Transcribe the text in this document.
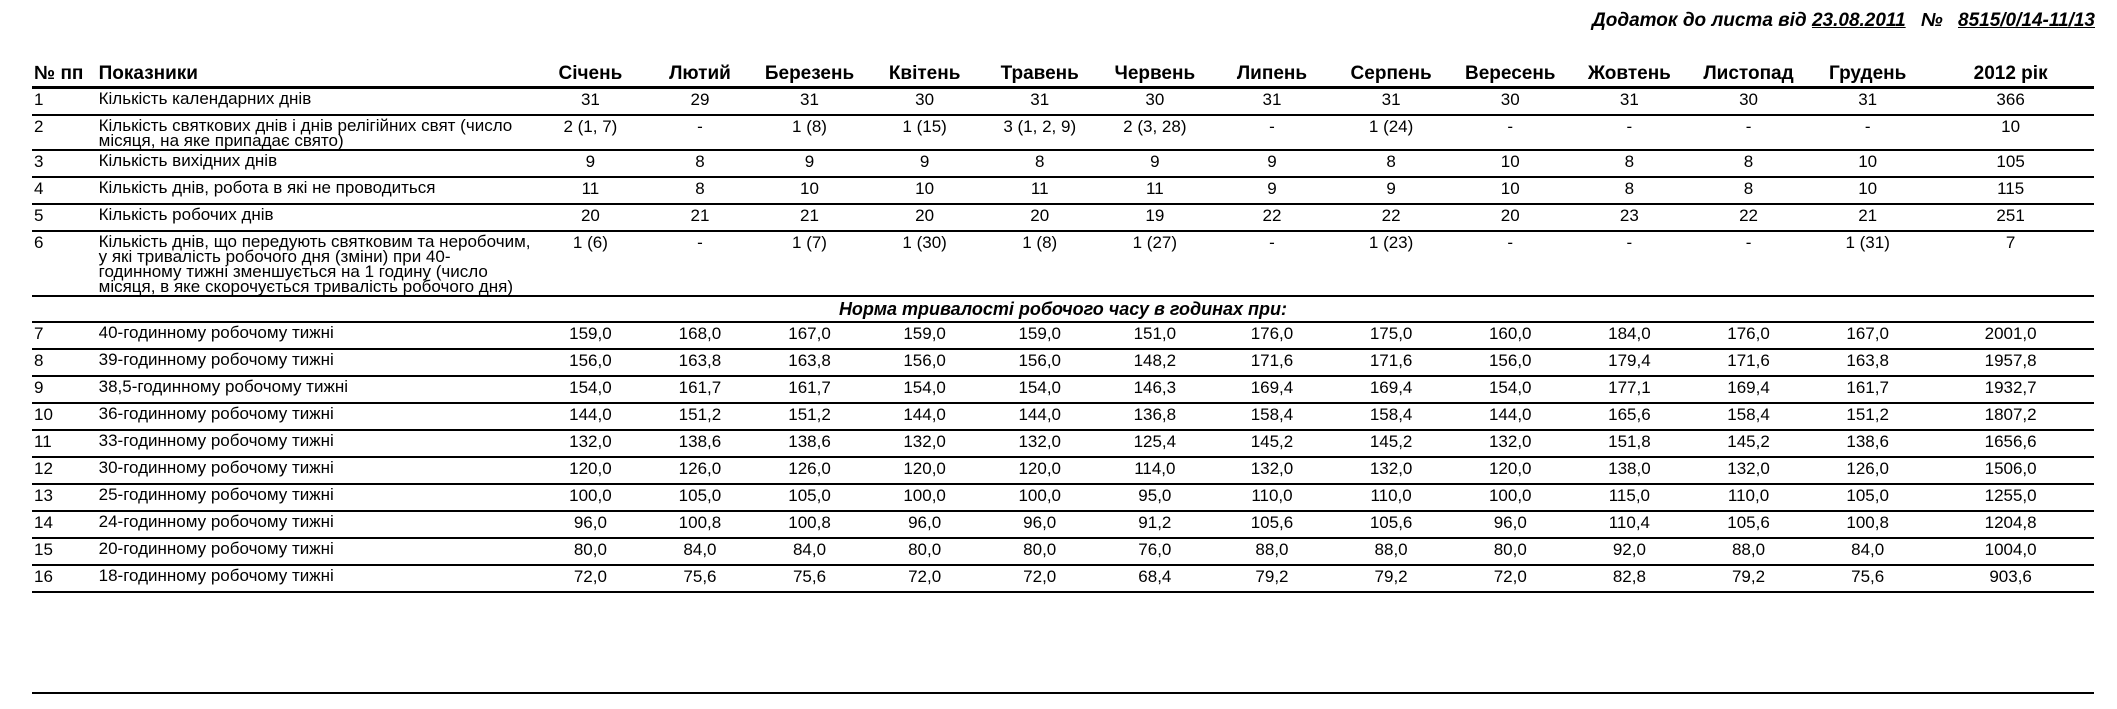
Додаток до листа від 23.08.2011 № 8515/0/14-11/13
№ пп	Показники	Січень	Лютий	Березень	Квітень	Травень	Червень	Липень	Серпень	Вересень	Жовтень	Листопад	Грудень	2012 рік
1	Кількість календарних днів	31	29	31	30	31	30	31	31	30	31	30	31	366
2	Кількість святкових днів і днів релігійних свят (число місяця, на яке припадає свято)	2 (1, 7)	-	1 (8)	1 (15)	3 (1, 2, 9)	2 (3, 28)	-	1 (24)	-	-	-	-	10
3	Кількість вихідних днів	9	8	9	9	8	9	9	8	10	8	8	10	105
4	Кількість днів, робота в які не проводиться	11	8	10	10	11	11	9	9	10	8	8	10	115
5	Кількість робочих днів	20	21	21	20	20	19	22	22	20	23	22	21	251
6	Кількість днів, що передують святковим та неробочим, у які тривалість робочого дня (зміни) при 40-годинному тижні зменшується на 1 годину (число місяця, в яке скорочується тривалість робочого дня)	1 (6)	-	1 (7)	1 (30)	1 (8)	1 (27)	-	1 (23)	-	-	-	1 (31)	7
Норма тривалості робочого часу в годинах при:														
7	40-годинному робочому тижні	159,0	168,0	167,0	159,0	159,0	151,0	176,0	175,0	160,0	184,0	176,0	167,0	2001,0
8	39-годинному робочому тижні	156,0	163,8	163,8	156,0	156,0	148,2	171,6	171,6	156,0	179,4	171,6	163,8	1957,8
9	38,5-годинному робочому тижні	154,0	161,7	161,7	154,0	154,0	146,3	169,4	169,4	154,0	177,1	169,4	161,7	1932,7
10	36-годинному робочому тижні	144,0	151,2	151,2	144,0	144,0	136,8	158,4	158,4	144,0	165,6	158,4	151,2	1807,2
11	33-годинному робочому тижні	132,0	138,6	138,6	132,0	132,0	125,4	145,2	145,2	132,0	151,8	145,2	138,6	1656,6
12	30-годинному робочому тижні	120,0	126,0	126,0	120,0	120,0	114,0	132,0	132,0	120,0	138,0	132,0	126,0	1506,0
13	25-годинному робочому тижні	100,0	105,0	105,0	100,0	100,0	95,0	110,0	110,0	100,0	115,0	110,0	105,0	1255,0
14	24-годинному робочому тижні	96,0	100,8	100,8	96,0	96,0	91,2	105,6	105,6	96,0	110,4	105,6	100,8	1204,8
15	20-годинному робочому тижні	80,0	84,0	84,0	80,0	80,0	76,0	88,0	88,0	80,0	92,0	88,0	84,0	1004,0
16	18-годинному робочому тижні	72,0	75,6	75,6	72,0	72,0	68,4	79,2	79,2	72,0	82,8	79,2	75,6	903,6
